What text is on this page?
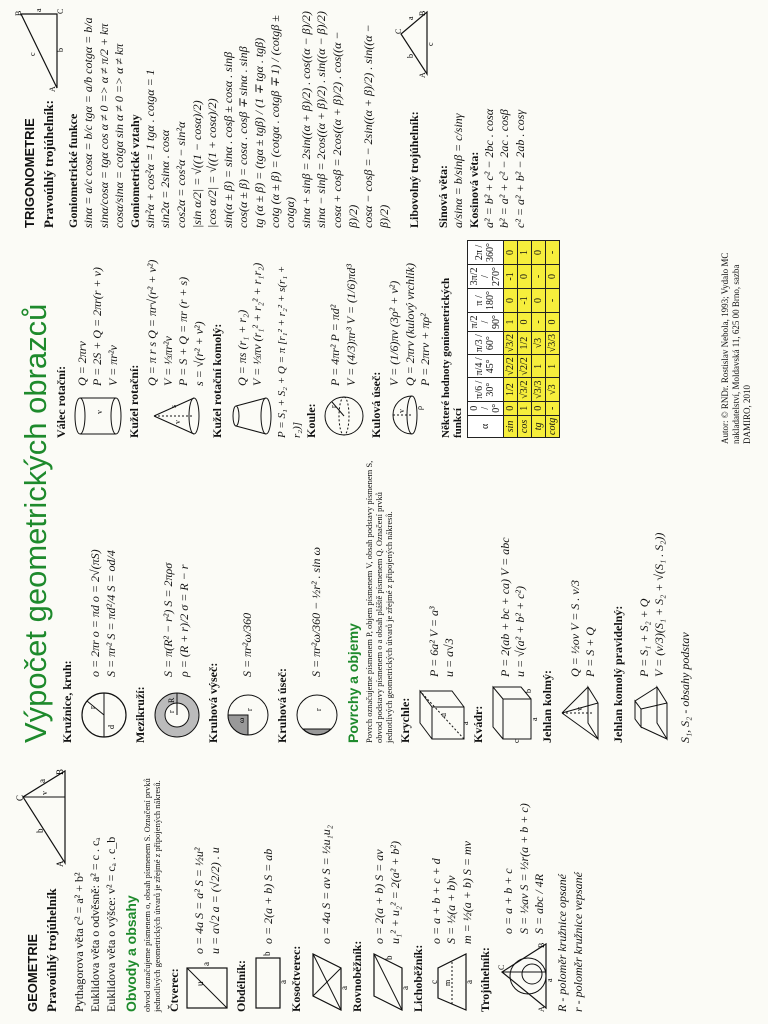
GEOMETRIE Pravoúhlý trojúhelník
C
A
B
b
a
v
Pythagorova věta c² = a² + b² Euklidova věta o odvěsně: a² = c . cₐ Euklidova věta o výšce: v² = cₐ . c_b Obvody a obsahy obvod označujeme písmenem o, obsah písmenem S. Označení prvků jednotlivých geometrických útvarů je zřejmé z připojených nákresů. Čtverec: u
a
o = 4a S = a² S = ½u² u = a√2 a = (√2/2) . u
Obdélník:	a
b
o = 2(a + b) S = ab
Kosočtverec:	a
o = 4a S = av S = ½u₁u₂
Rovnoběžník:	a
b
o = 2(a + b) S = av u₁² + u₂² = 2(a² + b²)
Lichoběžník:	a
c m
o = a + b + c + d S = ½(a + b)v m = ½(a + b) S = mv
Trojúhelník:	A
B
C
a
o = a + b + c S = ½av S = ½r(a + b + c) S = abc / 4R R - poloměr kružnice opsané r - poloměr kružnice vepsané
Výpočet geometrických obrazců Kružnice, kruh: r
d
o = 2πr o = πd o = 2√(πS) S = πr² S = πd²/4 S = od/4
Mezikruží:	R
r
S = π(R² − r²) S = 2πρσ ρ = (R + r)/2 σ = R − r
Kruhová výseč:	r
ω
S = πr²ω/360
Kruhová úseč:	r
S = πr²ω/360 − ½r² . sin ω
Povrchy a objemy Povrch označujeme písmenem P, objem písmenem V, obsah podstavy písmenem S, obvod podstavy písmenem o a obsah pláště písmenem Q. Označení prvků jednotlivých geometrických útvarů je zřejmé z připojených nákresů. Krychle:	a
u
P = 6a² V = a³ u = a√3
Kvádr:	a
b
c
P = 2(ab + bc + ca) V = abc u = √(a² + b² + c²)
Jehlan kolmý:	v
Q = ½ov V = S . v/3 P = S + Q Jehlan komolý pravidelný: P = S₁ + S₂ + Q V = (v/3)(S₁ + S₂ + √(S₁ . S₂))
S₁, S₂ - obsahy podstav
Válec rotační:	v
Q = 2πrv P = 2S + Q = 2πr(r + v) V = πr²v Kužel rotační:	s
v
Q = π r s Q = πr√(r² + v²) V = ⅓πr²v P = S + Q = πr (r + s) s = √(r² + v²) Kužel rotační komolý: Q = πs (r₁ + r₂) V = ⅓πv (r₁² + r₂² + r₁r₂) P = S₁ + S₂ + Q = π [r₁² + r₂² + s(r₁ + r₂)] Koule: r
P = 4πr² P = πd² V = (4/3)πr³ V = (1/6)πd³
Kulová úseč: v
ρ
V = (1/6)πv (3ρ² + v²) Q = 2πrv (kulový vrchlík) P = 2πrv + πρ² Některé hodnoty goniometrických funkcí α	0 / 0°	π/6 / 30°	π/4 / 45°	π/3 / 60°	π/2 / 90°	π / 180°	3π/2 / 270°	2π / 360°
sin	0	1/2	√2/2	√3/2	1	0	-1	0
cos	1	√3/2	√2/2	1/2	0	-1	0	1
tg	0	√3/3	1	√3	-	0	-	0
cotg	-	√3	1	√3/3	0	-	0	-
Autor: © RNDr. Rostislav Nebola, 1993; Vydalo MC nakladatelství, Moldavská 11, 625 00 Brno, sazba DAMIRO, 2010
TRIGONOMETRIE Pravoúhlý trojúhelník:
A
B	C
c
a
b
Goniometrické funkce sinα = a/c cosα = b/c tgα = a/b cotgα = b/a sinα/cosα = tgα cos α ≠ 0 => α ≠ π/2 + kπ cosα/sinα = cotgα sin α ≠ 0 => α ≠ kπ Goniometrické vztahy sin²α + cos²α = 1 tgα . cotgα = 1 sin2α = 2sinα . cosα cos2α = cos²α − sin²α |sin α/2| = √((1 − cosα)/2) |cos α/2| = √((1 + cosα)/2) sin(α ± β) = sinα . cosβ ± cosα . sinβ cos(α ± β) = cosα . cosβ ∓ sinα . sinβ tg (α ± β) = (tgα ± tgβ) / (1 ∓ tgα . tgβ) cotg (α ± β) = (cotgα . cotgβ ∓ 1) / (cotgβ ± cotgα) sinα + sinβ = 2sin((α + β)/2) . cos((α − β)/2) sinα − sinβ = 2cos((α + β)/2) . sin((α − β)/2) cosα + cosβ = 2cos((α + β)/2) . cos((α − β)/2) cosα − cosβ = − 2sin((α + β)/2) . sin((α − β)/2) Libovolný trojúhelník:
A
B
C
c
b
a
Sinová věta: a/sinα = b/sinβ = c/sinγ Kosinová věta: a² = b² + c² − 2bc . cosα b² = a² + c² − 2ac . cosβ c² = a² + b² − 2ab . cosγ
